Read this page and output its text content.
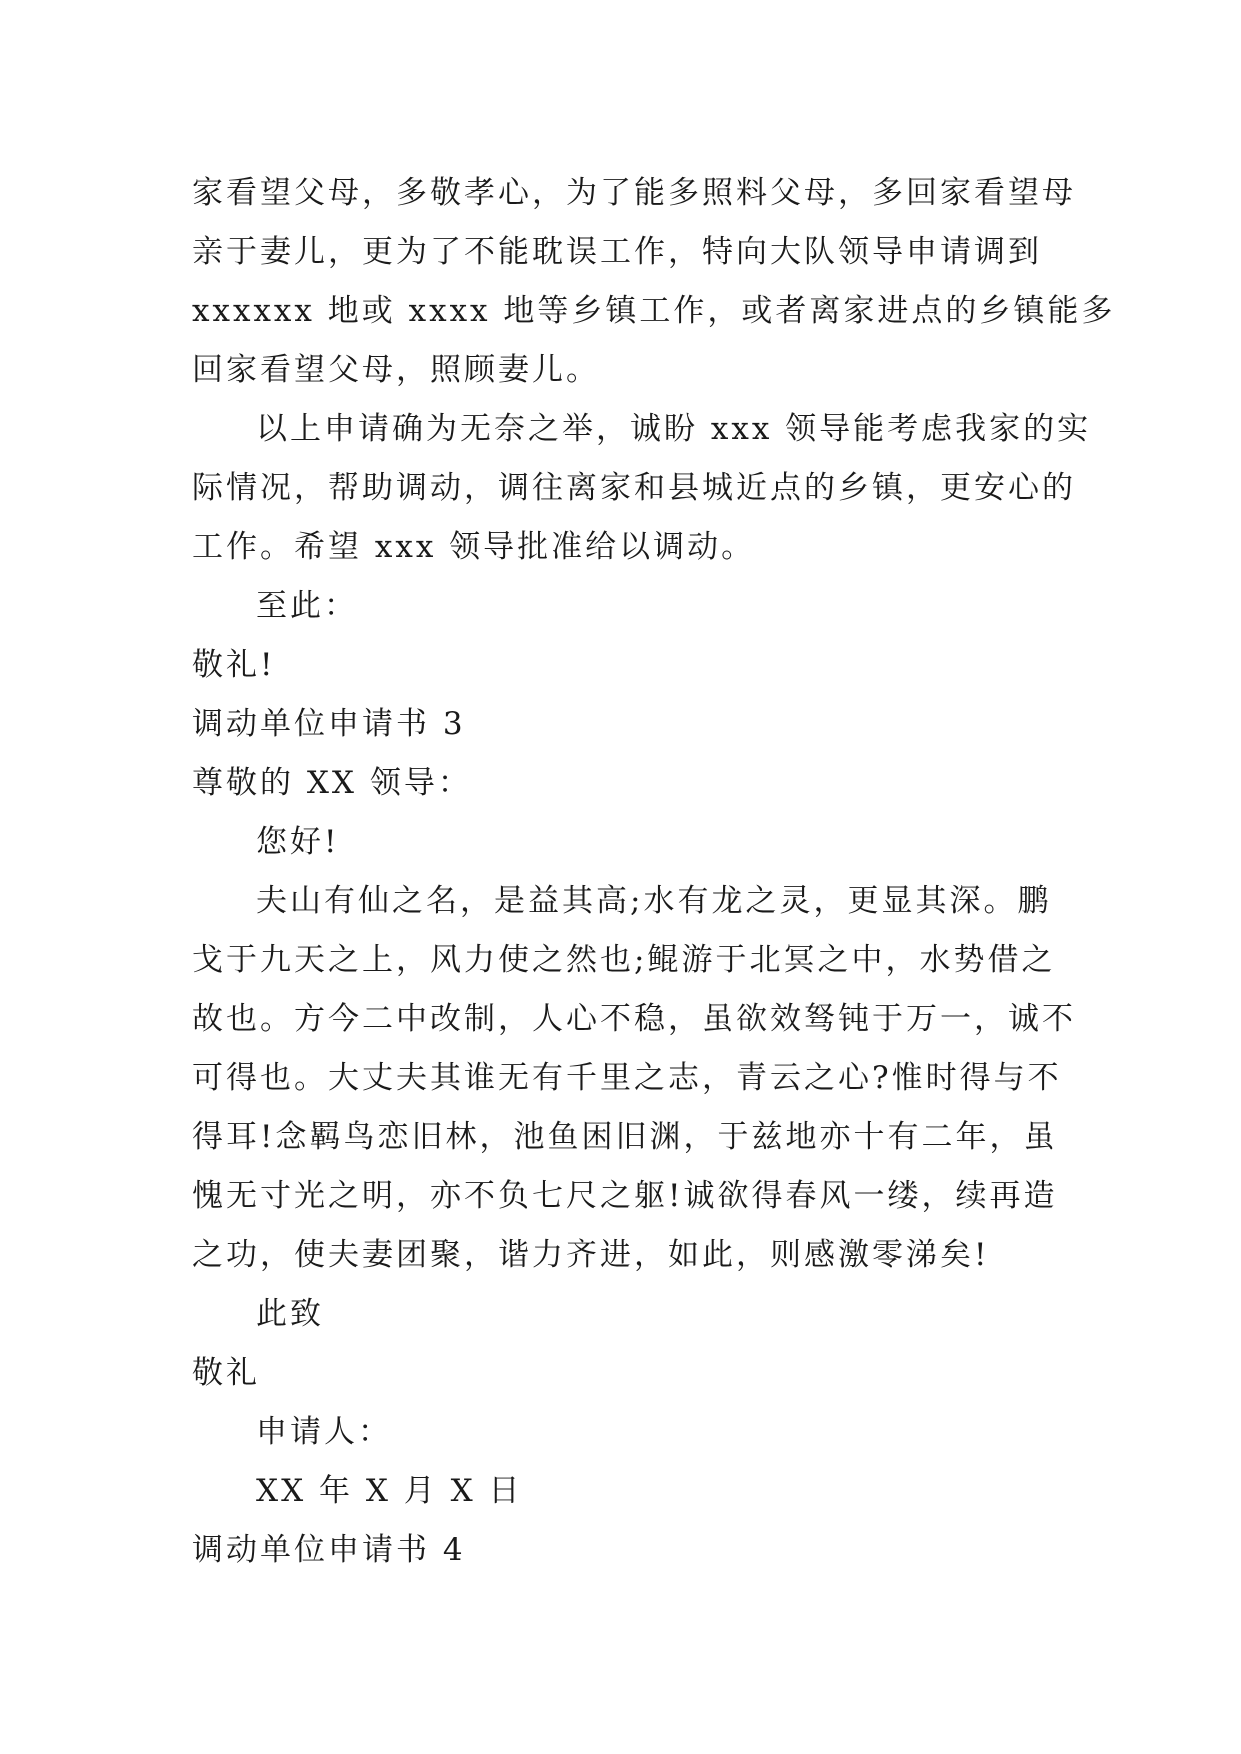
家看望父母，多敬孝心，为了能多照料父母，多回家看望母
亲于妻儿，更为了不能耽误工作，特向大队领导申请调到
xxxxxx 地或 xxxx 地等乡镇工作，或者离家进点的乡镇能多
回家看望父母，照顾妻儿。
以上申请确为无奈之举，诚盼 xxx 领导能考虑我家的实
际情况，帮助调动，调往离家和县城近点的乡镇，更安心的
工作。希望 xxx 领导批准给以调动。
至此：
敬礼!
调动单位申请书 3
尊敬的 XX 领导：
您好!
夫山有仙之名，是益其高;水有龙之灵，更显其深。鹏
戈于九天之上，风力使之然也;鲲游于北冥之中，水势借之
故也。方今二中改制，人心不稳，虽欲效驽钝于万一，诚不
可得也。大丈夫其谁无有千里之志，青云之心?惟时得与不
得耳!念羁鸟恋旧林，池鱼困旧渊，于兹地亦十有二年，虽
愧无寸光之明，亦不负七尺之躯!诚欲得春风一缕，续再造
之功，使夫妻团聚，谐力齐进，如此，则感激零涕矣!
此致
敬礼
申请人：
XX 年 X 月 X 日
调动单位申请书 4
